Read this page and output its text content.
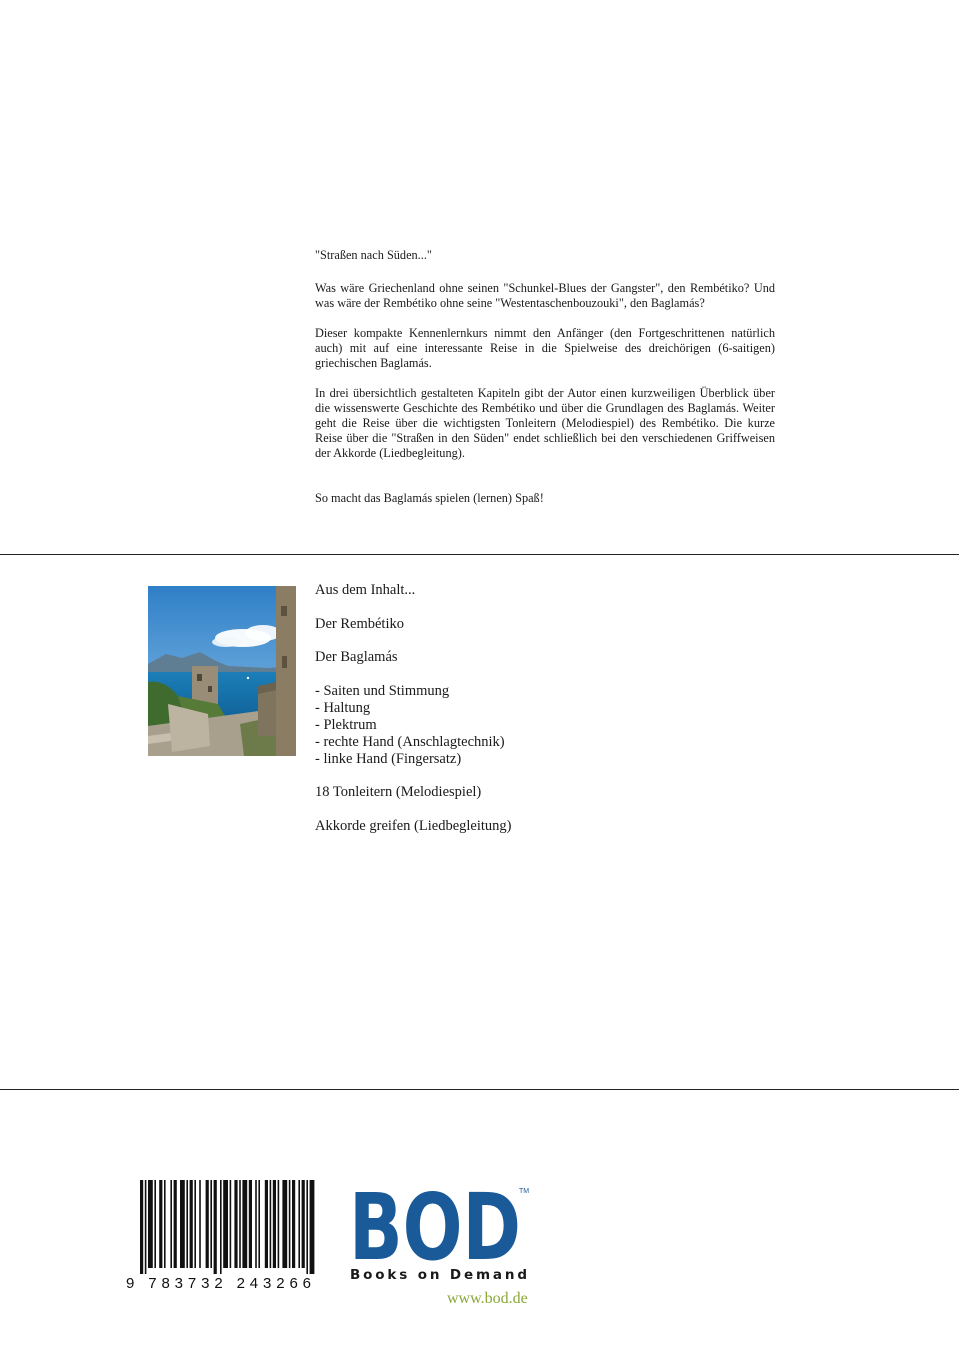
"Straßen nach Süden..."

Was wäre Griechenland ohne seinen "Schunkel-Blues der Gangster", den Rembétiko? Und was wäre der Rembétiko ohne seine "Westentaschenbouzouki", den Baglamás?

Dieser kompakte Kennenlernkurs nimmt den Anfänger (den Fortgeschrittenen natürlich auch) mit auf eine interessante Reise in die Spielweise des dreichörigen (6-saitigen) griechischen Baglamás.

In drei übersichtlich gestalteten Kapiteln gibt der Autor einen kurzweiligen Überblick über die wissenswerte Geschichte des Rembétiko und über die Grundlagen des Baglamás. Weiter geht die Reise über die wichtigsten Tonleitern (Melodiespiel) des Rembétiko. Die kurze Reise über die "Straßen in den Süden" endet schließlich bei den verschiedenen Griffweisen der Akkorde (Liedbegleitung).

So macht das Baglamás spielen (lernen) Spaß!

Aus dem Inhalt...
Der Rembétiko
Der Baglamás
- Saiten und Stimmung
- Haltung
- Plektrum
- rechte Hand (Anschlagtechnik)
- linke Hand (Fingersatz)
18 Tonleitern (Melodiespiel)
Akkorde greifen (Liedbegleitung)
9 783732 243266
BOD
TM
Books on Demand
www.bod.de
